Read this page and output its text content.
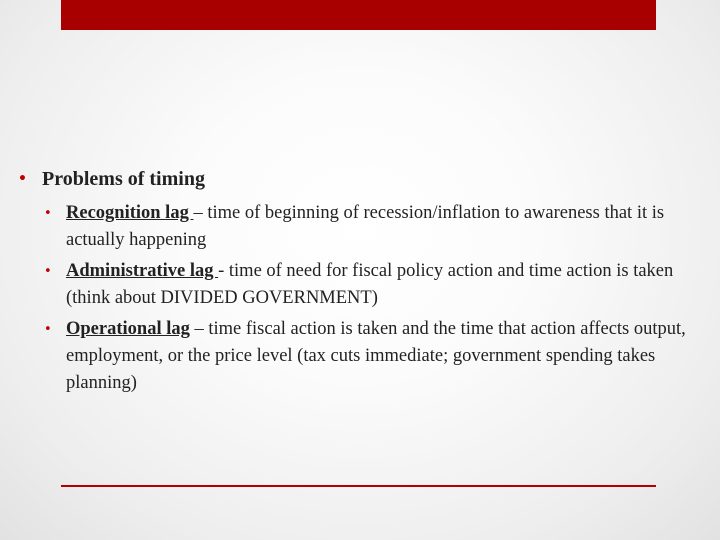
• Problems of timing
• Recognition lag – time of beginning of recession/inflation to awareness that it is actually happening
• Administrative lag - time of need for fiscal policy action and time action is taken (think about DIVIDED GOVERNMENT)
• Operational lag – time fiscal action is taken and the time that action affects output, employment, or the price level (tax cuts immediate; government spending takes planning)
